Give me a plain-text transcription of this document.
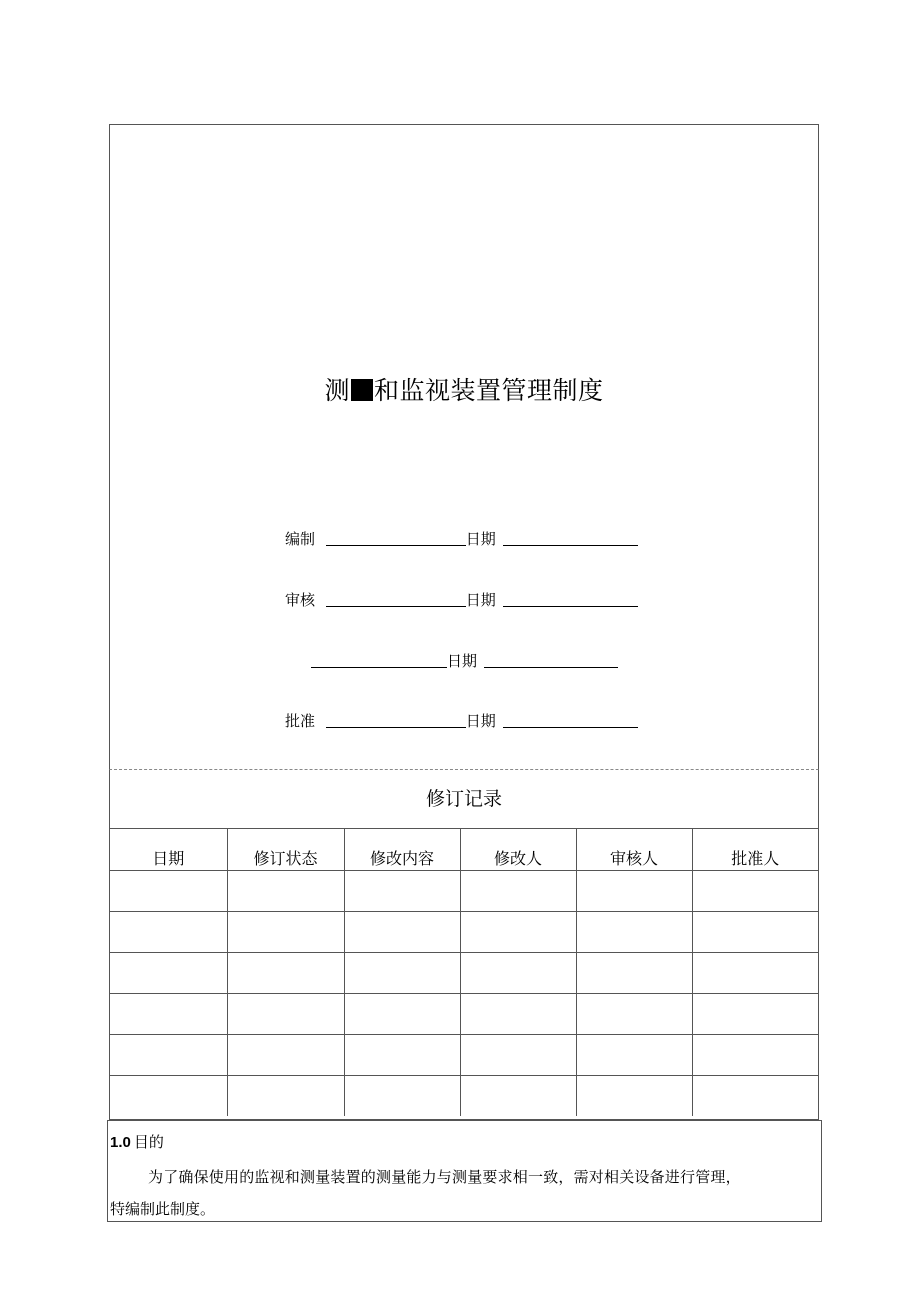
测 和监视装置管理制度
编制	日期
审核	日期
日期
批准	日期
修订记录
日期	修订状态	修改内容	修改人	审核人	批准人

1.0 目的
为了确保使用的监视和测量装置的测量能力与测量要求相一致，需对相关设备进行管理，
特编制此制度。
